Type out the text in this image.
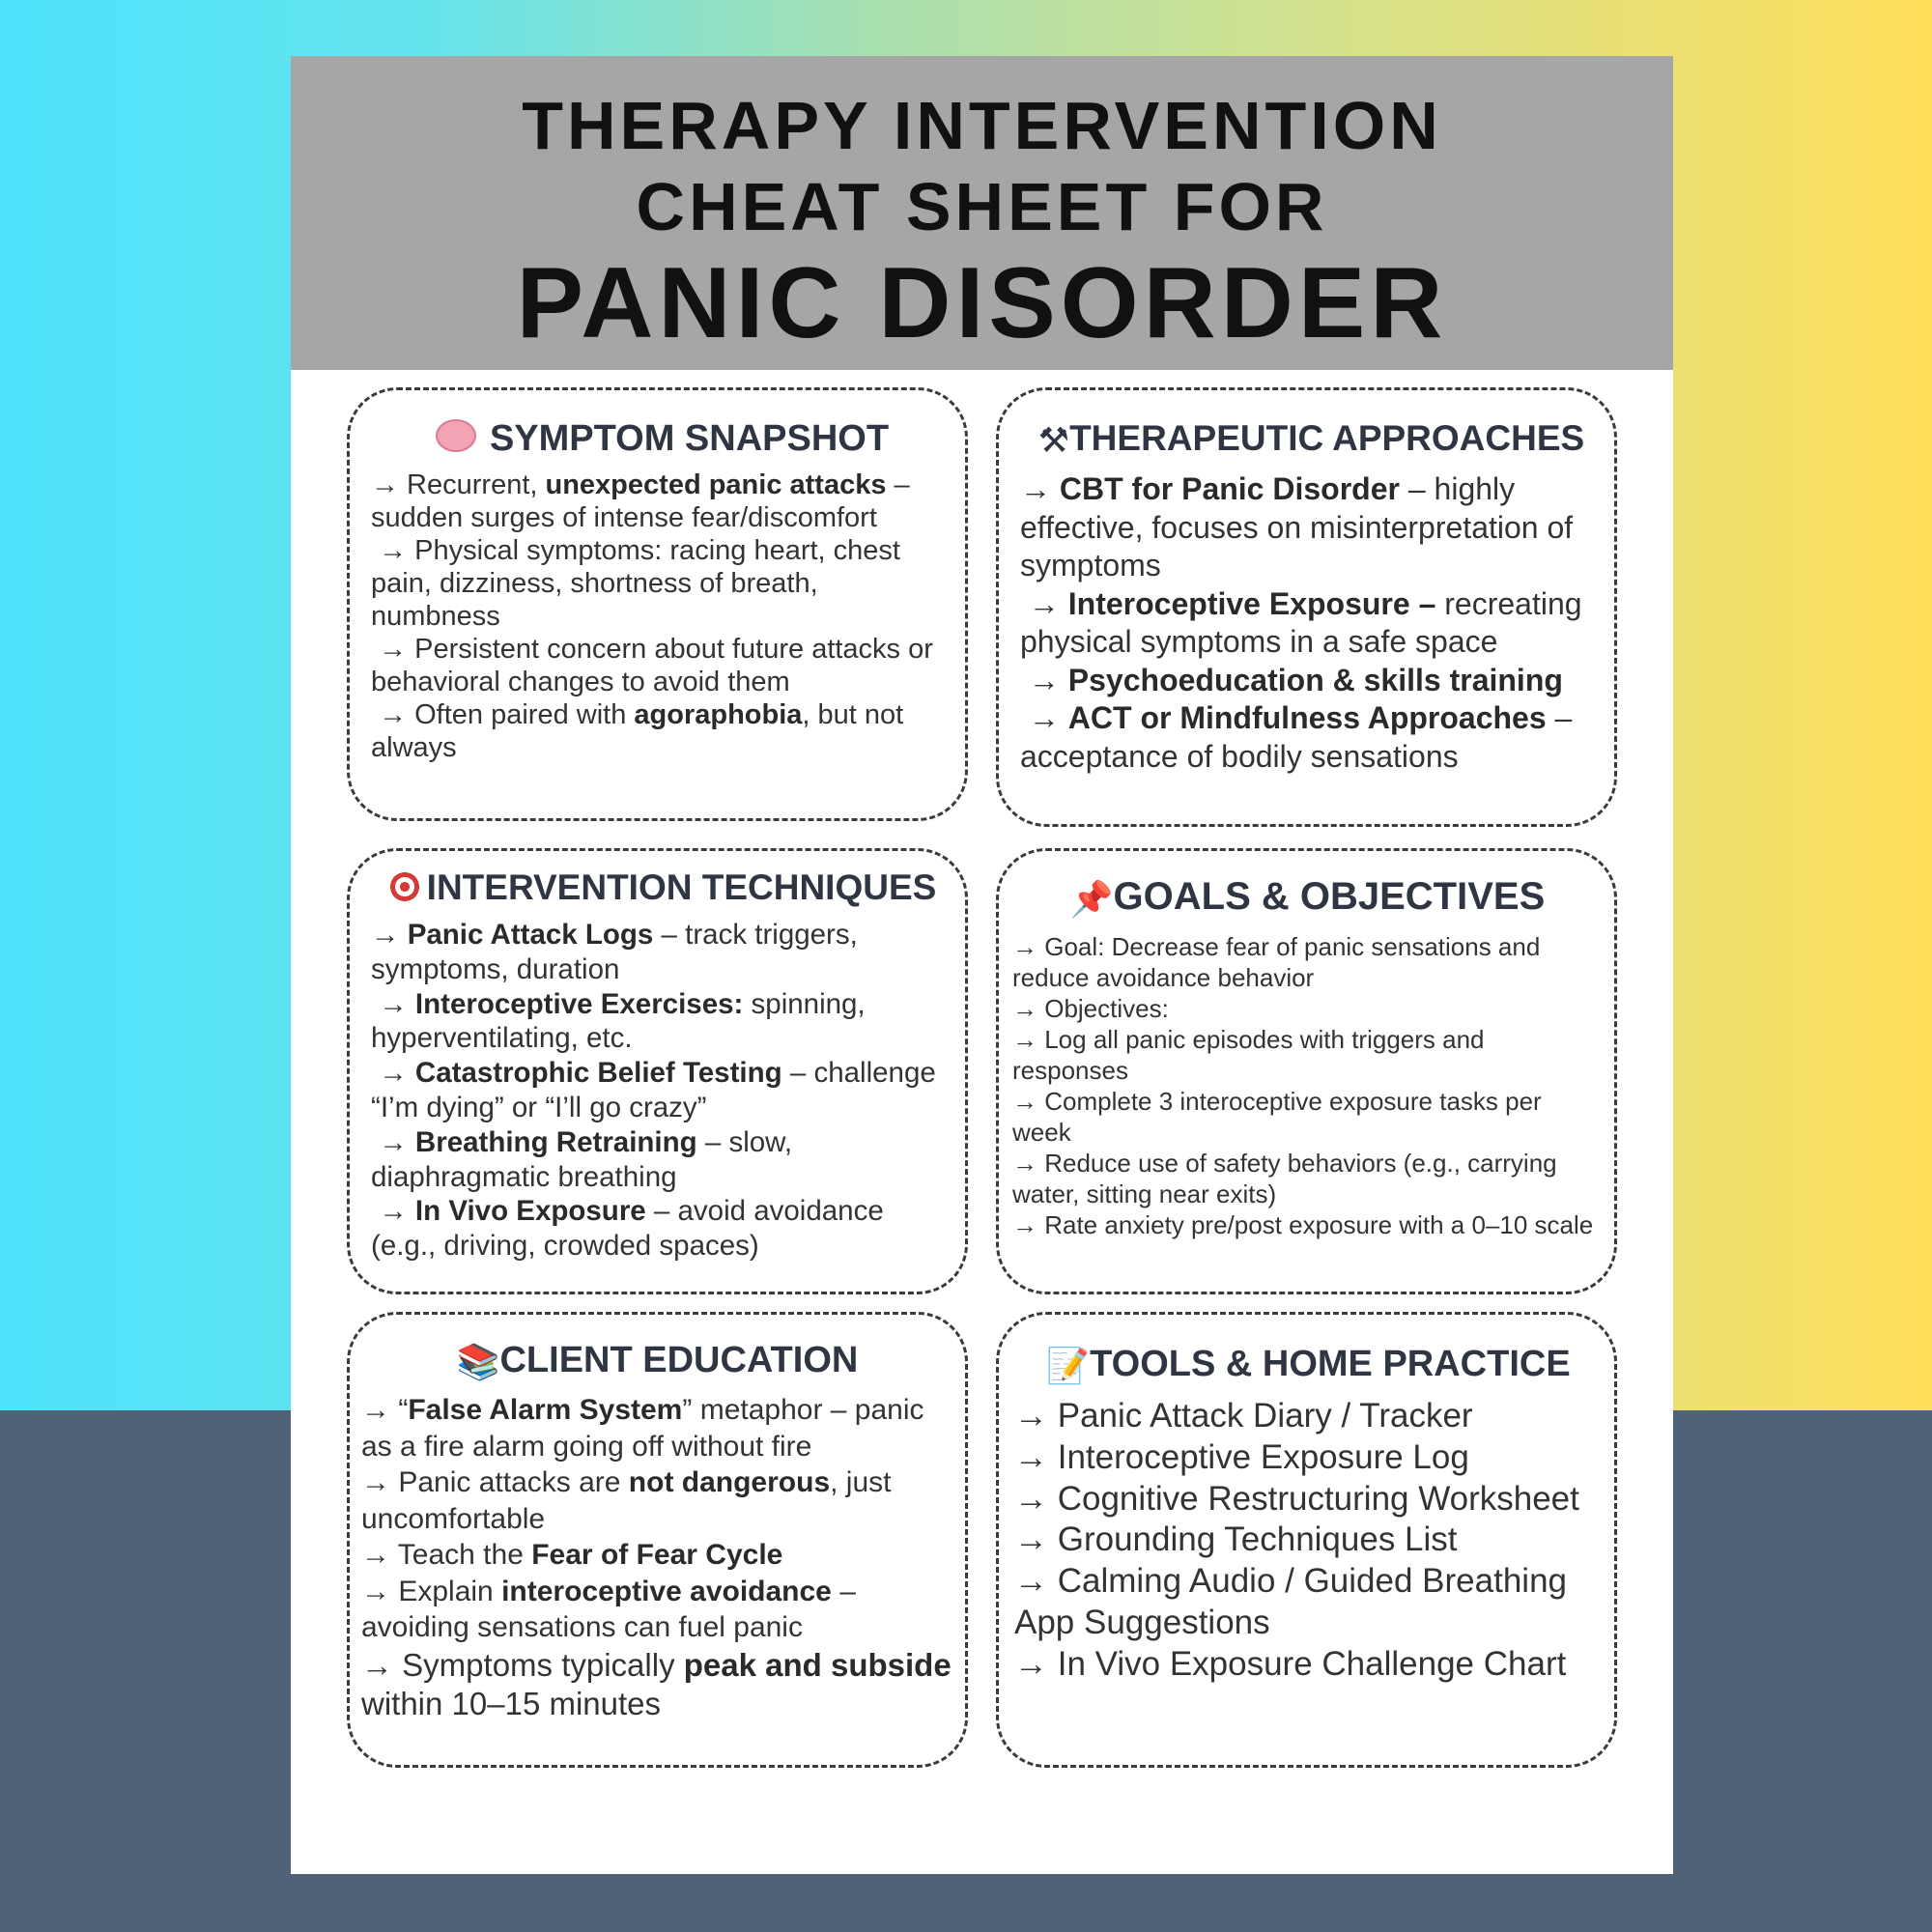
THERAPY INTERVENTION
CHEAT SHEET FOR
PANIC DISORDER
SYMPTOM SNAPSHOT

→ Recurrent, unexpected panic attacks – sudden surges of intense fear/discomfort

→ Physical symptoms: racing heart, chest pain, dizziness, shortness of breath, numbness

→ Persistent concern about future attacks or behavioral changes to avoid them

→ Often paired with agoraphobia, but not always

⚒THERAPEUTIC APPROACHES

→ CBT for Panic Disorder – highly effective, focuses on misinterpretation of symptoms

→ Interoceptive Exposure – recreating physical symptoms in a safe space

→ Psychoeducation & skills training

→ ACT or Mindfulness Approaches – acceptance of bodily sensations

INTERVENTION TECHNIQUES

→ Panic Attack Logs – track triggers, symptoms, duration

→ Interoceptive Exercises: spinning, hyperventilating, etc.

→ Catastrophic Belief Testing – challenge “I’m dying” or “I’ll go crazy”

→ Breathing Retraining – slow, diaphragmatic breathing

→ In Vivo Exposure – avoid avoidance (e.g., driving, crowded spaces)

📌GOALS & OBJECTIVES

→ Goal: Decrease fear of panic sensations and reduce avoidance behavior

→ Objectives:

→ Log all panic episodes with triggers and responses

→ Complete 3 interoceptive exposure tasks per week

→ Reduce use of safety behaviors (e.g., carrying water, sitting near exits)

→ Rate anxiety pre/post exposure with a 0–10 scale

📚CLIENT EDUCATION

→ “False Alarm System” metaphor – panic as a fire alarm going off without fire

→ Panic attacks are not dangerous, just uncomfortable

→ Teach the Fear of Fear Cycle

→ Explain interoceptive avoidance – avoiding sensations can fuel panic

→ Symptoms typically peak and subside within 10–15 minutes

📝TOOLS & HOME PRACTICE

→ Panic Attack Diary / Tracker

→ Interoceptive Exposure Log

→ Cognitive Restructuring Worksheet

→ Grounding Techniques List

→ Calming Audio / Guided Breathing App Suggestions

→ In Vivo Exposure Challenge Chart
